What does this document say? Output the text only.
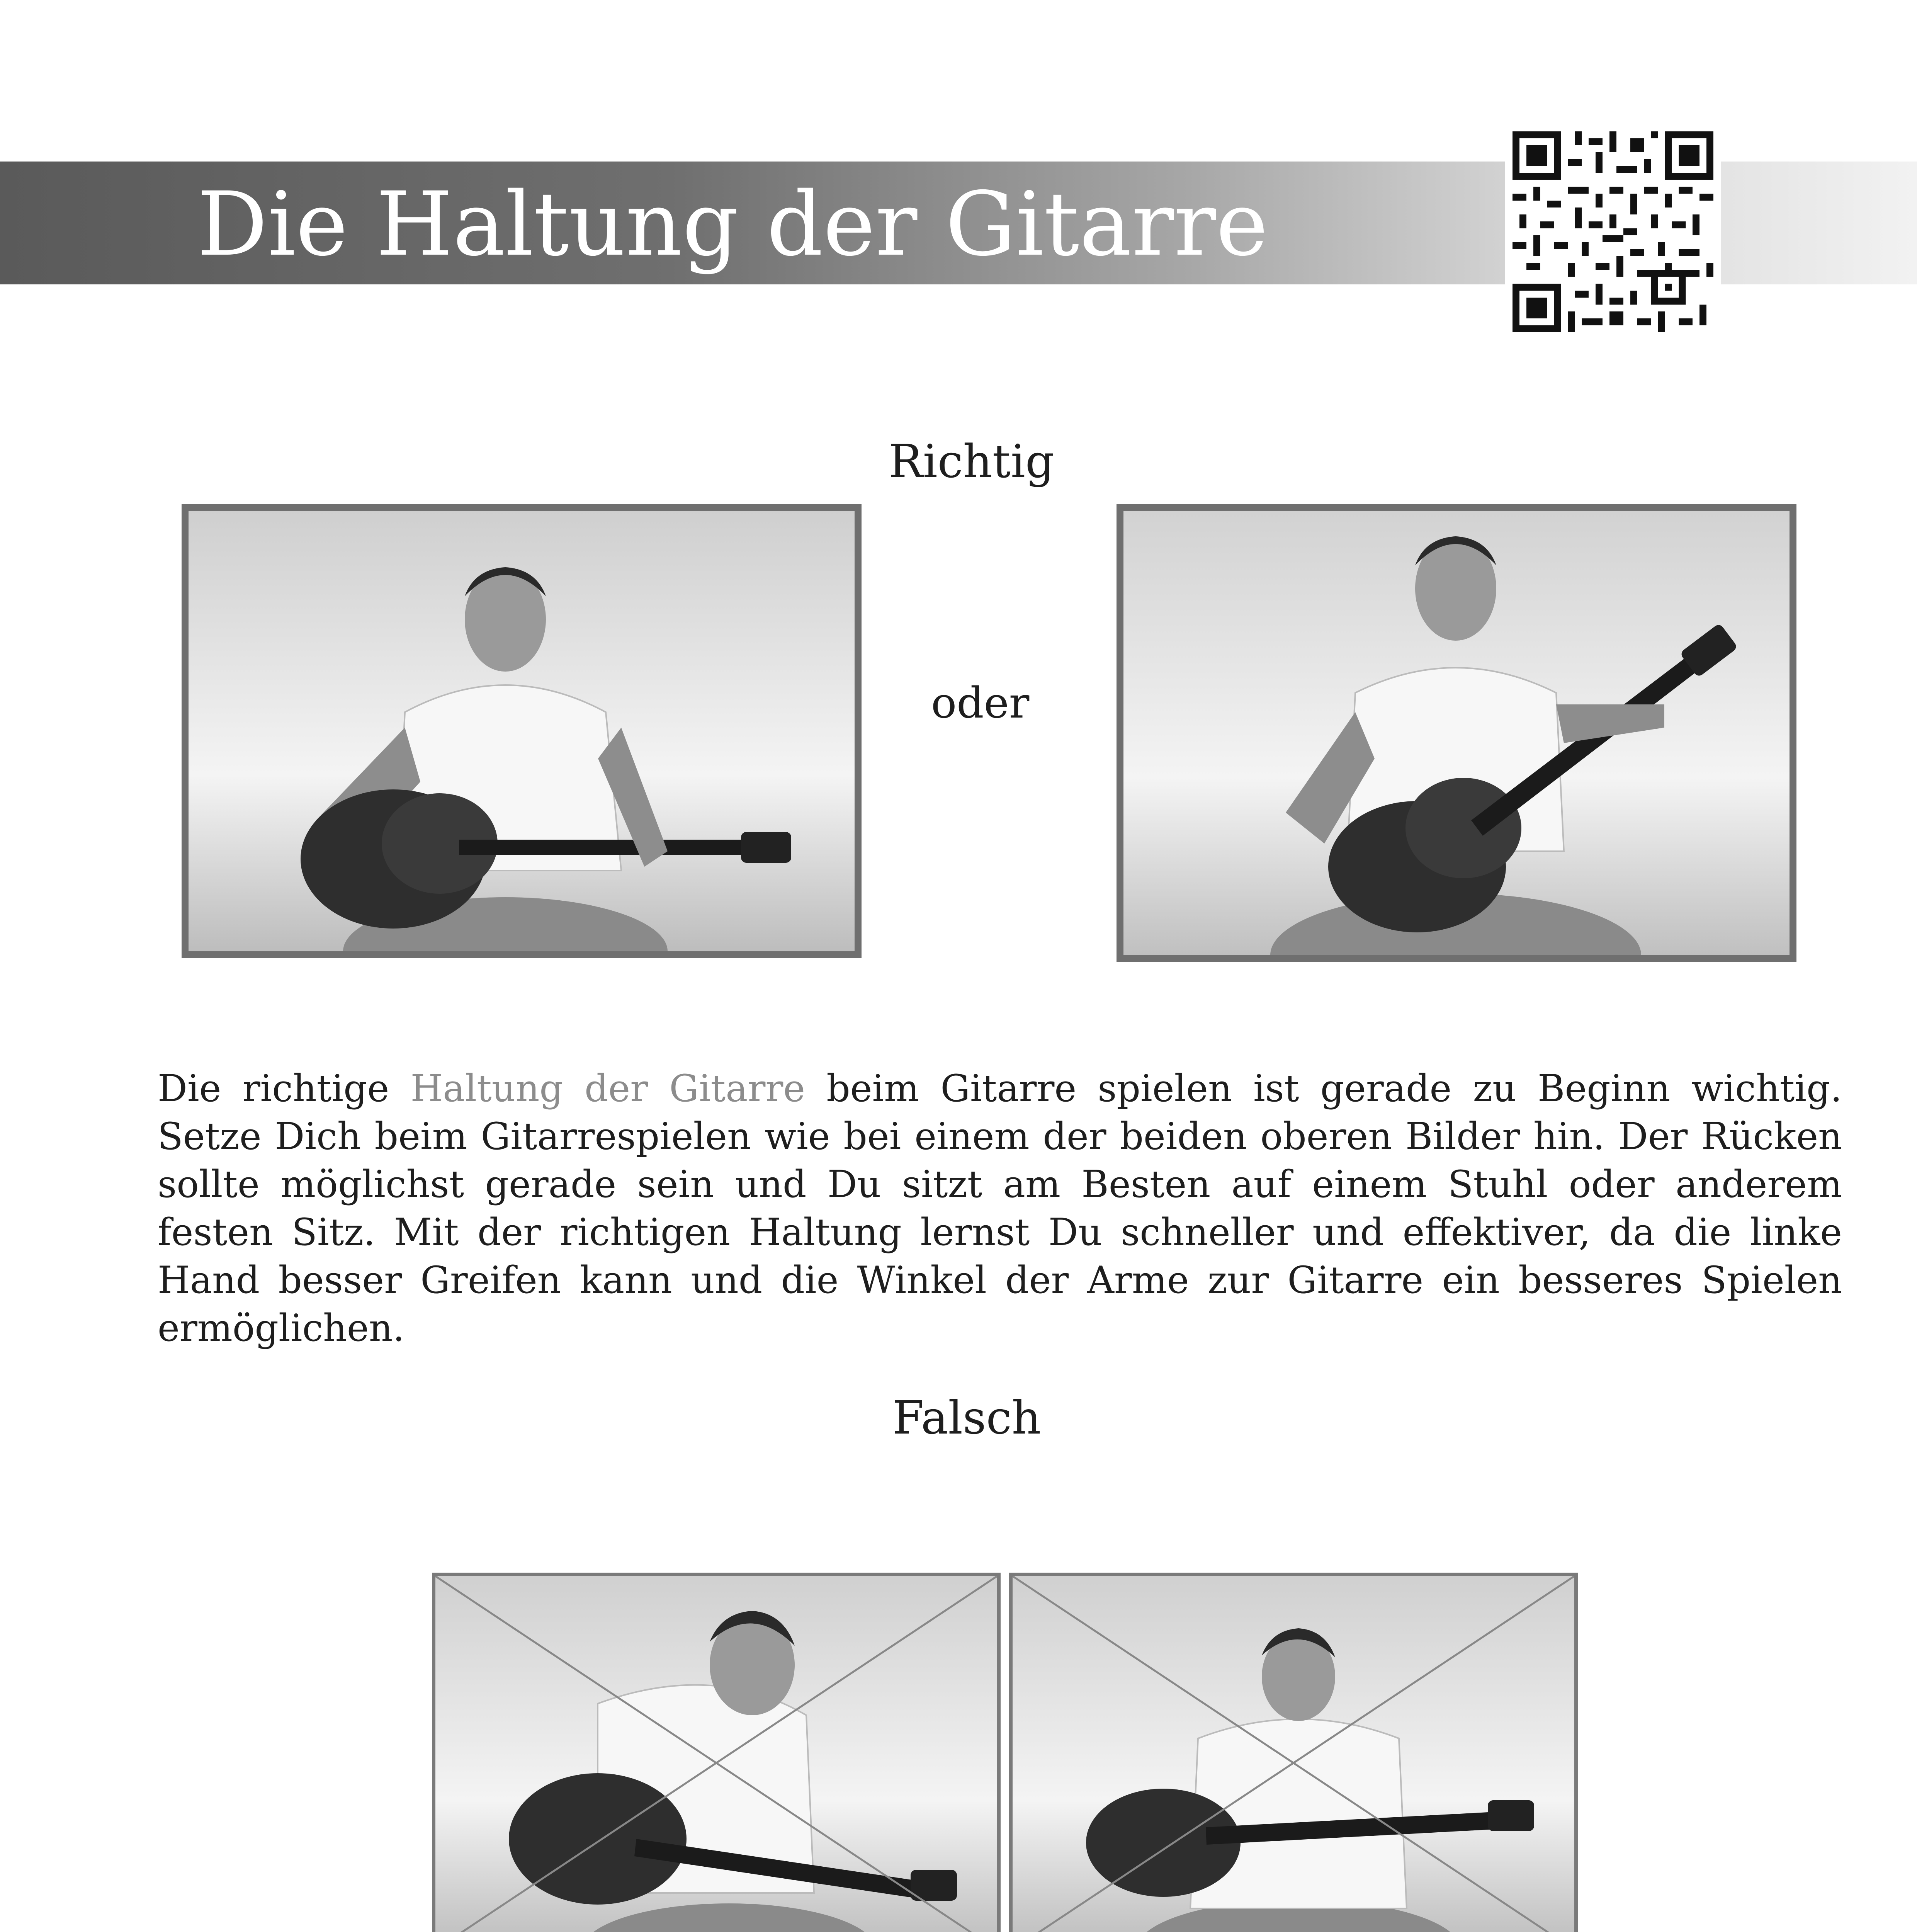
Die Haltung der Gitarre
Richtig
oder
Die richtige Haltung der Gitarre beim Gitarre spielen ist gerade zu Beginn wichtig. Setze Dich beim Gitarrespielen wie bei einem der beiden oberen Bilder hin. Der Rücken sollte möglichst gerade sein und Du sitzt am Besten auf einem Stuhl oder anderem festen Sitz. Mit der richtigen Haltung lernst Du schneller und effektiver, da die linke Hand besser Greifen kann und die Winkel der Arme zur Gitarre ein besseres Spielen ermöglichen.
Falsch
